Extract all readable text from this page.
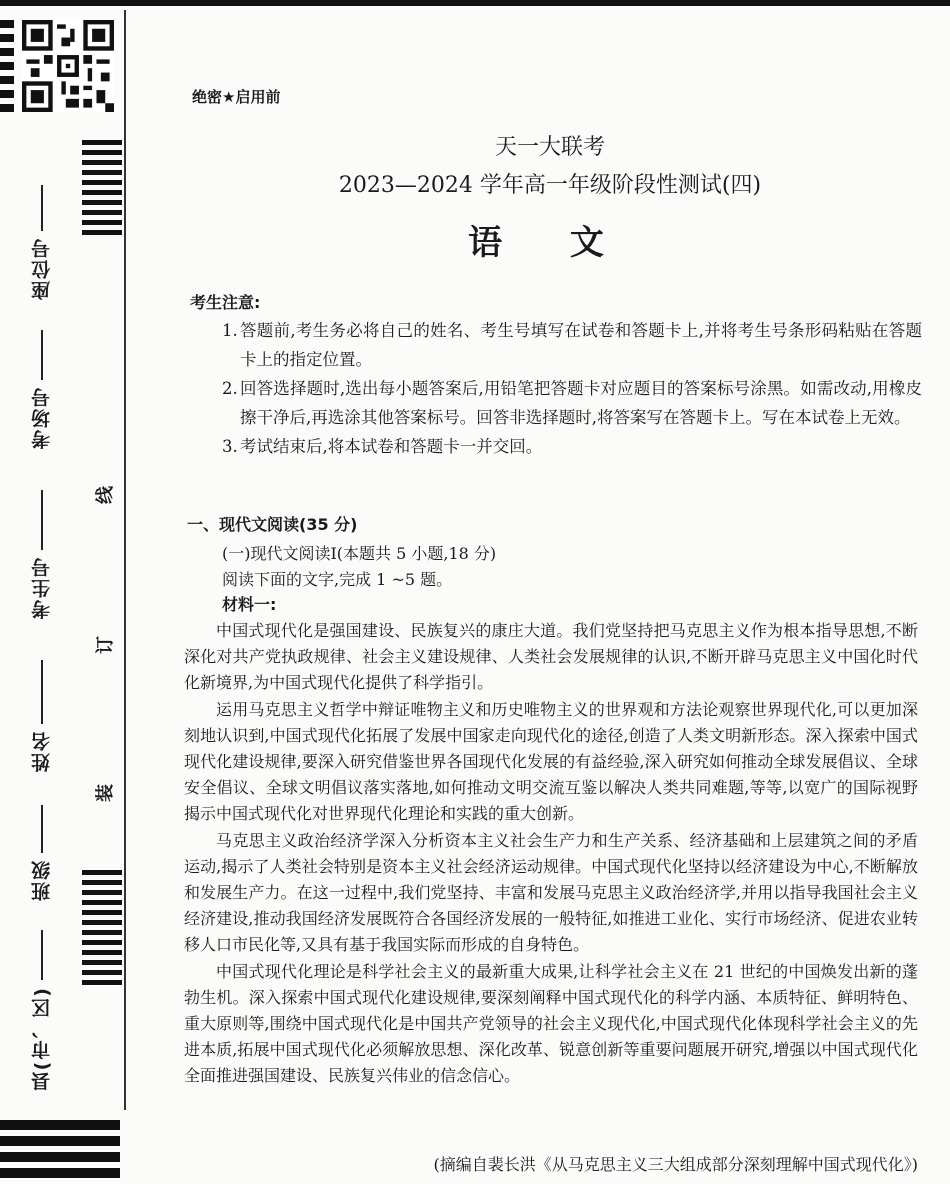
座位号
考场号
考生号
姓名
班级
县(市、区)
线
订
装
绝密★启用前
天一大联考
2023—2024 学年高一年级阶段性测试(四)
语 文
考生注意:
1. 答题前,考生务必将自己的姓名、考生号填写在试卷和答题卡上,并将考生号条形码粘贴在答题卡上的指定位置。
2. 回答选择题时,选出每小题答案后,用铅笔把答题卡对应题目的答案标号涂黑。如需改动,用橡皮擦干净后,再选涂其他答案标号。回答非选择题时,将答案写在答题卡上。写在本试卷上无效。
3. 考试结束后,将本试卷和答题卡一并交回。
一、现代文阅读(35 分)
(一)现代文阅读Ⅰ(本题共 5 小题,18 分)
阅读下面的文字,完成 1 ~5 题。
材料一:

中国式现代化是强国建设、民族复兴的康庄大道。我们党坚持把马克思主义作为根本指导思想,不断深化对共产党执政规律、社会主义建设规律、人类社会发展规律的认识,不断开辟马克思主义中国化时代化新境界,为中国式现代化提供了科学指引。

运用马克思主义哲学中辩证唯物主义和历史唯物主义的世界观和方法论观察世界现代化,可以更加深刻地认识到,中国式现代化拓展了发展中国家走向现代化的途径,创造了人类文明新形态。深入探索中国式现代化建设规律,要深入研究借鉴世界各国现代化发展的有益经验,深入研究如何推动全球发展倡议、全球安全倡议、全球文明倡议落实落地,如何推动文明交流互鉴以解决人类共同难题,等等,以宽广的国际视野揭示中国式现代化对世界现代化理论和实践的重大创新。

马克思主义政治经济学深入分析资本主义社会生产力和生产关系、经济基础和上层建筑之间的矛盾运动,揭示了人类社会特别是资本主义社会经济运动规律。中国式现代化坚持以经济建设为中心,不断解放和发展生产力。在这一过程中,我们党坚持、丰富和发展马克思主义政治经济学,并用以指导我国社会主义经济建设,推动我国经济发展既符合各国经济发展的一般特征,如推进工业化、实行市场经济、促进农业转移人口市民化等,又具有基于我国实际而形成的自身特色。

中国式现代化理论是科学社会主义的最新重大成果,让科学社会主义在 21 世纪的中国焕发出新的蓬勃生机。深入探索中国式现代化建设规律,要深刻阐释中国式现代化的科学内涵、本质特征、鲜明特色、重大原则等,围绕中国式现代化是中国共产党领导的社会主义现代化,中国式现代化体现科学社会主义的先进本质,拓展中国式现代化必须解放思想、深化改革、锐意创新等重要问题展开研究,增强以中国式现代化全面推进强国建设、民族复兴伟业的信念信心。

(摘编自裴长洪《从马克思主义三大组成部分深刻理解中国式现代化》)
